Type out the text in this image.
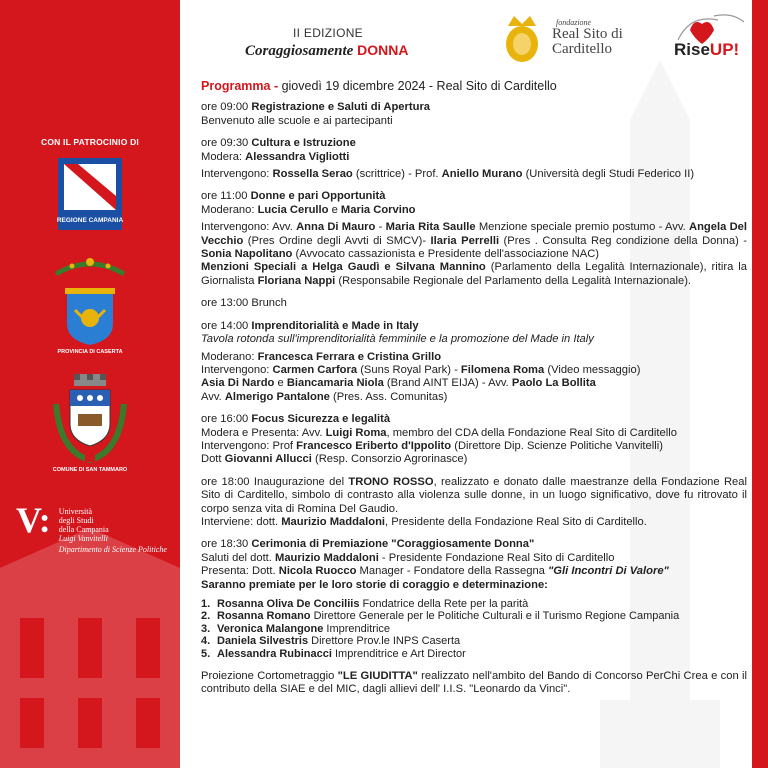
CON IL PATROCINIO DI
REGIONE CAMPANIA
PROVINCIA DI CASERTA
COMUNE DI SAN TAMMARO
V: Università
degli Studi
della Campania
Luigi Vanvitelli
Dipartimento di Scienze Politiche
II EDIZIONE
Coraggiosamente DONNA
fondazione
Real Sito di
Carditello	RiseUP!
Programma - giovedì 19 dicembre 2024 - Real Sito di Carditello

ore 09:00 Registrazione e Saluti di Apertura

Benvenuto alle scuole e ai partecipanti

ore 09:30 Cultura e Istruzione

Modera: Alessandra Vigliotti

Intervengono: Rossella Serao (scrittrice) - Prof. Aniello Murano (Università degli Studi Federico II)

ore 11:00 Donne e pari Opportunità

Moderano: Lucia Cerullo e Maria Corvino

Intervengono: Avv. Anna Di Mauro - Maria Rita Saulle Menzione speciale premio postumo - Avv. Angela Del Vecchio (Pres Ordine degli Avvti di SMCV)- Ilaria Perrelli (Pres . Consulta Reg condizione della Donna) - Sonia Napolitano (Avvocato cassazionista e Presidente dell'associazione NAC)

Menzioni Speciali a Helga Gaudì e Silvana Mannino (Parlamento della Legalità Internazionale), ritira la Giornalista Floriana Nappi (Responsabile Regionale del Parlamento della Legalità Internazionale).

ore 13:00 Brunch

ore 14:00 Imprenditorialità e Made in Italy

Tavola rotonda sull'imprenditorialità femminile e la promozione del Made in Italy

Moderano: Francesca Ferrara e Cristina Grillo

Intervengono: Carmen Carfora (Suns Royal Park) - Filomena Roma (Video messaggio)

Asia Di Nardo e Biancamaria Niola (Brand AINT EIJA) - Avv. Paolo La Bollita

Avv. Almerigo Pantalone (Pres. Ass. Comunitas)

ore 16:00 Focus Sicurezza e legalità

Modera e Presenta: Avv. Luigi Roma, membro del CDA della Fondazione Real Sito di Carditello

Intervengono: Prof Francesco Eriberto d'Ippolito (Direttore Dip. Scienze Politiche Vanvitelli)

Dott Giovanni Allucci (Resp. Consorzio Agrorinasce)

ore 18:00 Inaugurazione del TRONO ROSSO, realizzato e donato dalle maestranze della Fondazione Real Sito di Carditello, simbolo di contrasto alla violenza sulle donne, in un luogo significativo, dove fu ritrovato il corpo senza vita di Romina Del Gaudio.

Interviene: dott. Maurizio Maddaloni, Presidente della Fondazione Real Sito di Carditello.

ore 18:30 Cerimonia di Premiazione "Coraggiosamente Donna"

Saluti del dott. Maurizio Maddaloni - Presidente Fondazione Real Sito di Carditello

Presenta: Dott. Nicola Ruocco Manager - Fondatore della Rassegna "Gli Incontri Di Valore"

Saranno premiate per le loro storie di coraggio e determinazione:

1. Rosanna Oliva De Conciliis Fondatrice della Rete per la parità
2. Rosanna Romano Direttore Generale per le Politiche Culturali e il Turismo Regione Campania
3. Veronica Malangone Imprenditrice
4. Daniela Silvestris Direttore Prov.le INPS Caserta
5. Alessandra Rubinacci Imprenditrice e Art Director

Proiezione Cortometraggio "LE GIUDITTA" realizzato nell'ambito del Bando di Concorso PerChi Crea e con il contributo della SIAE e del MIC, dagli allievi dell' I.I.S. "Leonardo da Vinci".
